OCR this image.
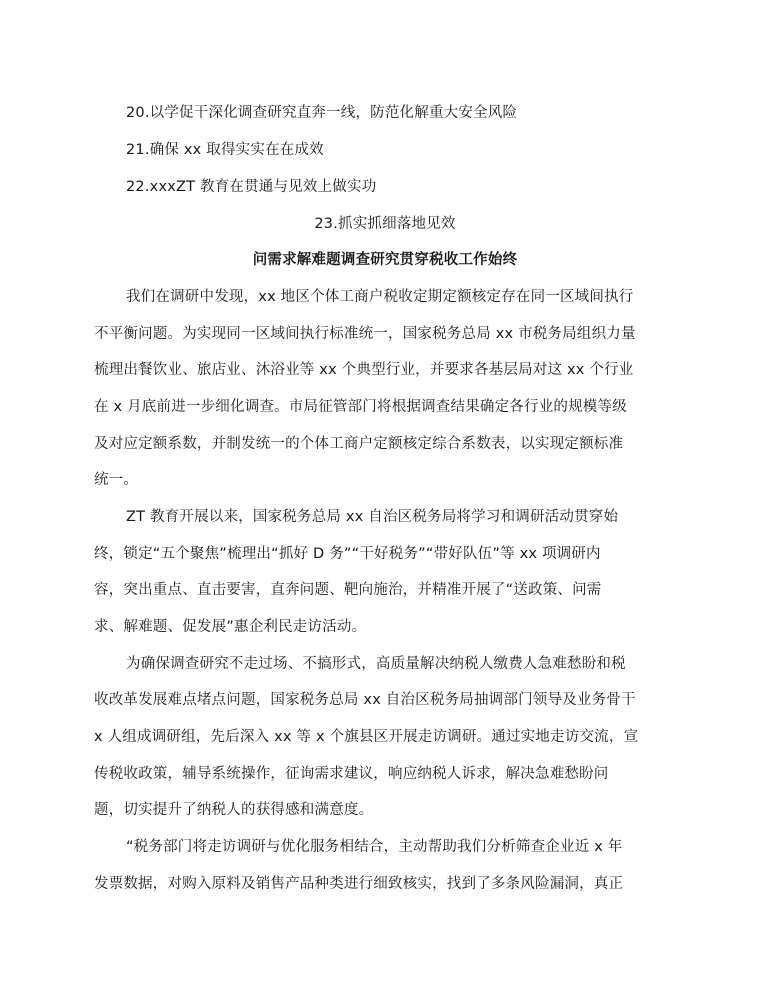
20.以学促干深化调查研究直奔一线，防范化解重大安全风险
21.确保 xx 取得实实在在成效
22.xxxZT 教育在贯通与见效上做实功
23.抓实抓细落地见效
问需求解难题调查研究贯穿税收工作始终
我们在调研中发现，xx 地区个体工商户税收定期定额核定存在同一区域间执行
不平衡问题。为实现同一区域间执行标准统一，国家税务总局 xx 市税务局组织力量
梳理出餐饮业、旅店业、沐浴业等 xx 个典型行业，并要求各基层局对这 xx 个行业
在 x 月底前进一步细化调查。市局征管部门将根据调查结果确定各行业的规模等级
及对应定额系数，并制发统一的个体工商户定额核定综合系数表，以实现定额标准
统一。
ZT 教育开展以来，国家税务总局 xx 自治区税务局将学习和调研活动贯穿始
终，锁定“五个聚焦”梳理出“抓好 D 务”“干好税务”“带好队伍”等 xx 项调研内
容，突出重点、直击要害，直奔问题、靶向施治，并精准开展了“送政策、问需
求、解难题、促发展”惠企利民走访活动。
为确保调查研究不走过场、不搞形式，高质量解决纳税人缴费人急难愁盼和税
收改革发展难点堵点问题，国家税务总局 xx 自治区税务局抽调部门领导及业务骨干
x 人组成调研组，先后深入 xx 等 x 个旗县区开展走访调研。通过实地走访交流，宣
传税收政策，辅导系统操作，征询需求建议，响应纳税人诉求，解决急难愁盼问
题，切实提升了纳税人的获得感和满意度。
“税务部门将走访调研与优化服务相结合，主动帮助我们分析筛查企业近 x 年
发票数据，对购入原料及销售产品种类进行细致核实，找到了多条风险漏洞，真正
